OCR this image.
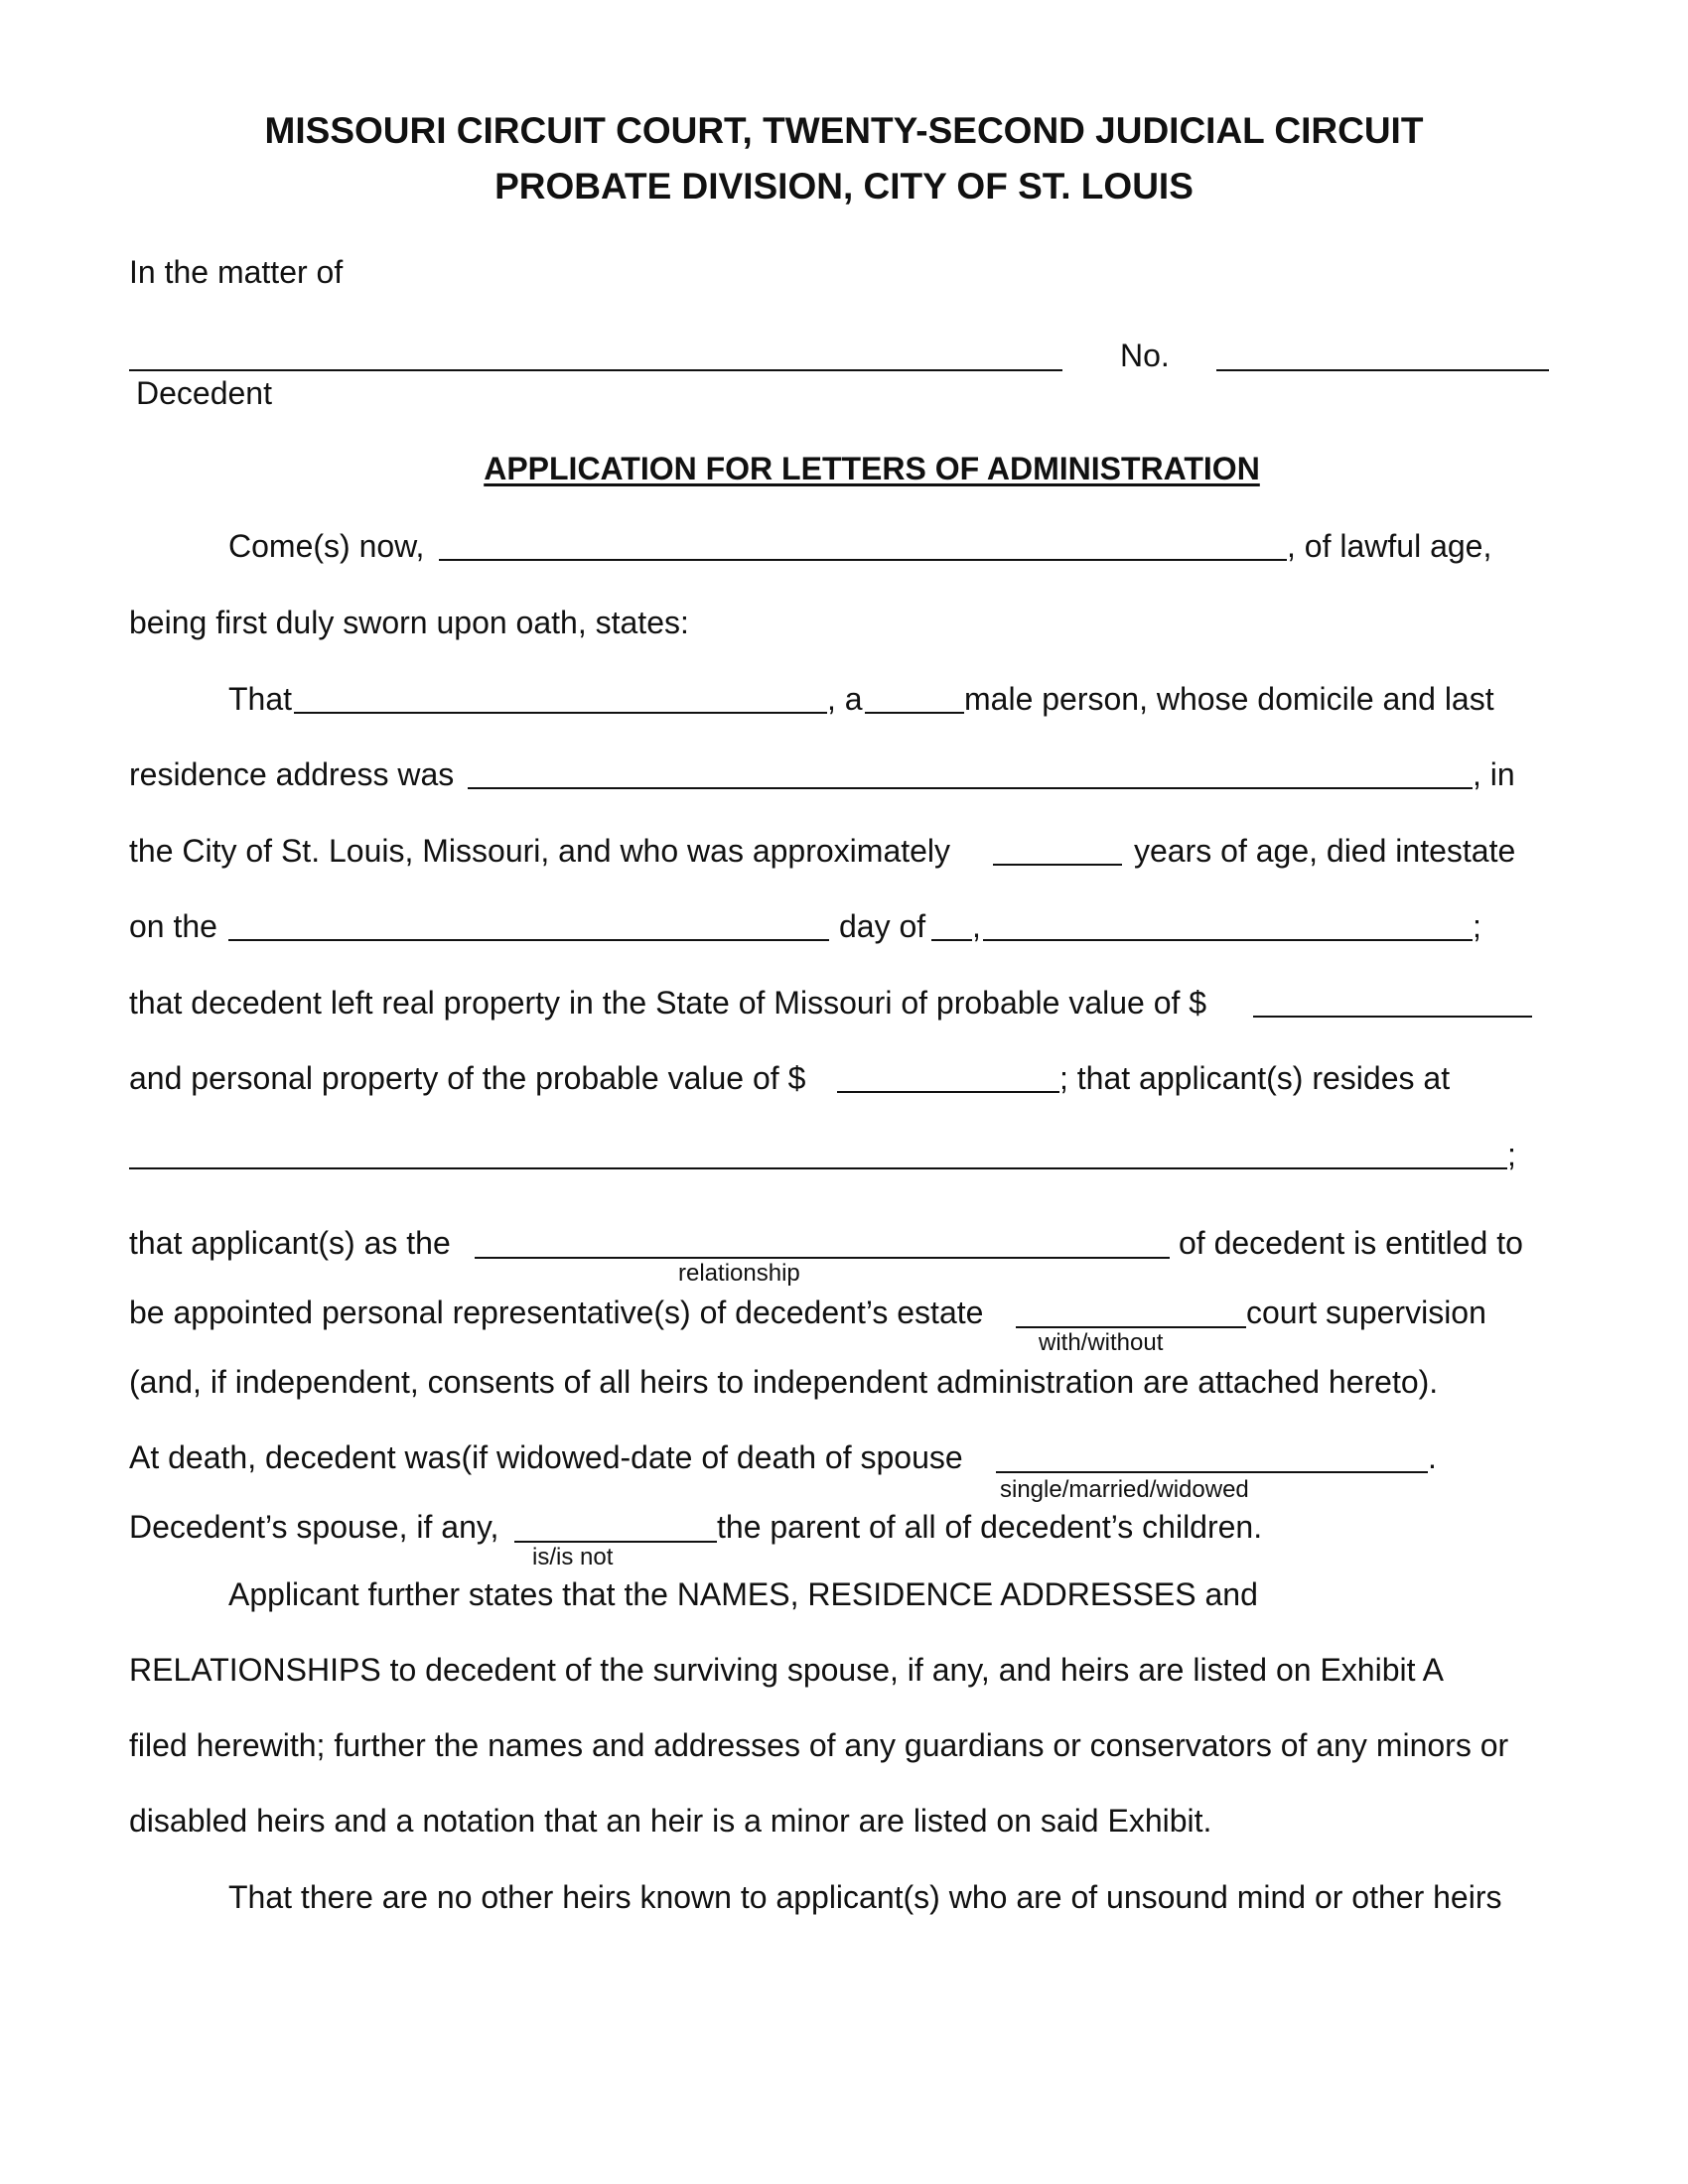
MISSOURI CIRCUIT COURT, TWENTY-SECOND JUDICIAL CIRCUIT
PROBATE DIVISION, CITY OF ST. LOUIS
In the matter of
No.
Decedent
APPLICATION FOR LETTERS OF ADMINISTRATION
Come(s) now,	, of lawful age,
being first duly sworn upon oath, states:
That	, a	male person, whose domicile and last
residence address was	, in
the City of St. Louis, Missouri, and who was approximately	years of age, died intestate
on the	day of ,	;
that decedent left real property in the State of Missouri of probable value of $
and personal property of the probable value of $	; that applicant(s) resides at
;
that applicant(s) as the	of decedent is entitled to
relationship
be appointed personal representative(s) of decedent’s estate	court supervision
with/without
(and, if independent, consents of all heirs to independent administration are attached hereto).
At death, decedent was(if widowed-date of death of spouse	.
single/married/widowed
Decedent’s spouse, if any,	the parent of all of decedent’s children.
is/is not
Applicant further states that the NAMES, RESIDENCE ADDRESSES and
RELATIONSHIPS to decedent of the surviving spouse, if any, and heirs are listed on Exhibit A
filed herewith; further the names and addresses of any guardians or conservators of any minors or
disabled heirs and a notation that an heir is a minor are listed on said Exhibit.
That there are no other heirs known to applicant(s) who are of unsound mind or other heirs
